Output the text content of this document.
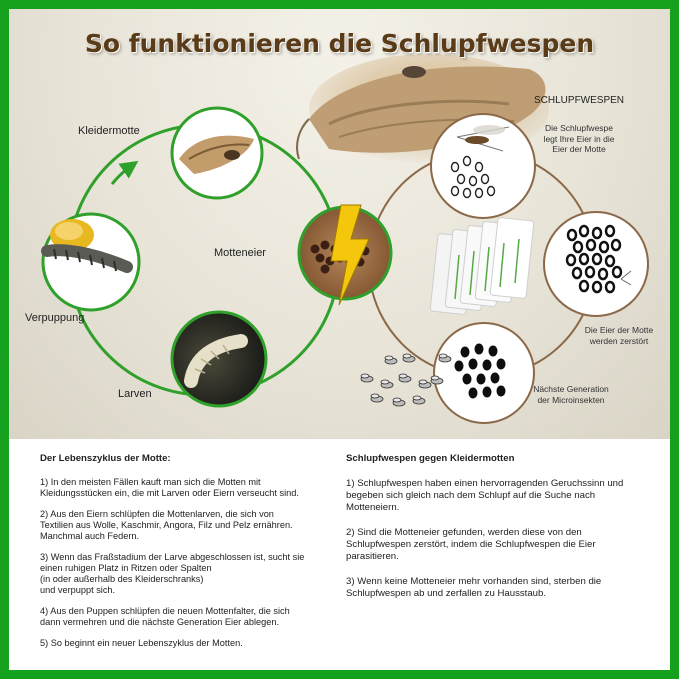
So funktionieren die Schlupfwespen
Kleidermotte
Motteneier
Verpuppung
Larven
SCHLUPFWESPEN
Die Schlupfwespe
legt Ihre Eier in die
Eier der Motte
Die Eier der Motte
werden zerstört
Nächste Generation
der Microinsekten
Der Lebenszyklus der Motte:

1) In den meisten Fällen kauft man sich die Motten mit Kleidungsstücken ein, die mit Larven oder Eiern verseucht sind.

2) Aus den Eiern schlüpfen die Mottenlarven, die sich von Textilien aus Wolle, Kaschmir, Angora, Filz und Pelz ernähren. Manchmal auch Federn.

3) Wenn das Fraßstadium der Larve abgeschlossen ist, sucht sie einen ruhigen Platz in Ritzen oder Spalten
(in oder außerhalb des Kleiderschranks)
und verpuppt sich.

4) Aus den Puppen schlüpfen die neuen Mottenfalter, die sich dann vermehren und die nächste Generation Eier ablegen.

5) So beginnt ein neuer Lebenszyklus der Motten.

Schlupfwespen gegen Kleidermotten

1) Schlupfwespen haben einen hervorragenden Geruchssinn und begeben sich gleich nach dem Schlupf auf die Suche nach Motteneiern.

2) Sind die Motteneier gefunden, werden diese von den Schlupfwespen zerstört, indem die Schlupfwespen die Eier parasitieren.

3) Wenn keine Motteneier mehr vorhanden sind, sterben die Schlupfwespen ab und zerfallen zu Hausstaub.
